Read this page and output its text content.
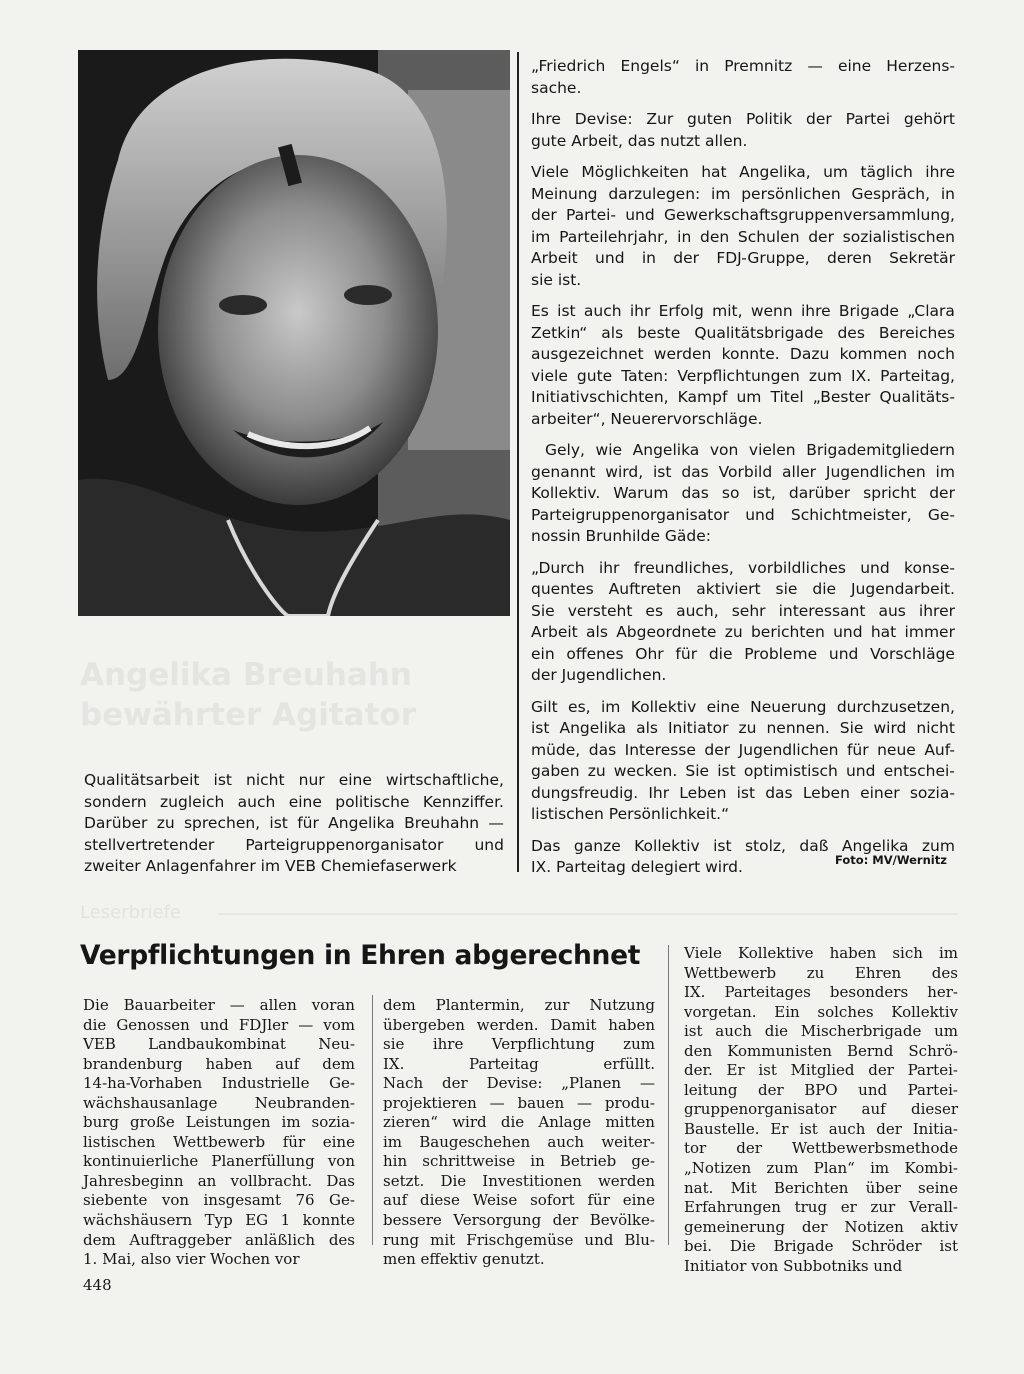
Angelika Breuhahn
bewährter Agitator
Qualitätsarbeit ist nicht nur eine wirtschaftliche,
sondern zugleich auch eine politische Kennziffer.
Darüber zu sprechen, ist für Angelika Breuhahn —
stellvertretender Parteigruppenorganisator und
zweiter Anlagenfahrer im VEB Chemiefaserwerk

„Friedrich Engels“ in Premnitz — eine Herzens-
sache.

Ihre Devise: Zur guten Politik der Partei gehört
gute Arbeit, das nutzt allen.

Viele Möglichkeiten hat Angelika, um täglich ihre
Meinung darzulegen: im persönlichen Gespräch, in
der Partei- und Gewerkschaftsgruppenversammlung,
im Parteilehrjahr, in den Schulen der sozialistischen
Arbeit und in der FDJ-Gruppe, deren Sekretär
sie ist.

Es ist auch ihr Erfolg mit, wenn ihre Brigade „Clara
Zetkin“ als beste Qualitätsbrigade des Bereiches
ausgezeichnet werden konnte. Dazu kommen noch
viele gute Taten: Verpflichtungen zum IX. Parteitag,
Initiativschichten, Kampf um Titel „Bester Qualitäts-
arbeiter“, Neuerervorschläge.

Gely, wie Angelika von vielen Brigademitgliedern
genannt wird, ist das Vorbild aller Jugendlichen im
Kollektiv. Warum das so ist, darüber spricht der
Parteigruppenorganisator und Schichtmeister, Ge-
nossin Brunhilde Gäde:

„Durch ihr freundliches, vorbildliches und konse-
quentes Auftreten aktiviert sie die Jugendarbeit.
Sie versteht es auch, sehr interessant aus ihrer
Arbeit als Abgeordnete zu berichten und hat immer
ein offenes Ohr für die Probleme und Vorschläge
der Jugendlichen.

Gilt es, im Kollektiv eine Neuerung durchzusetzen,
ist Angelika als Initiator zu nennen. Sie wird nicht
müde, das Interesse der Jugendlichen für neue Auf-
gaben zu wecken. Sie ist optimistisch und entschei-
dungsfreudig. Ihr Leben ist das Leben einer sozia-
listischen Persönlichkeit.“

Das ganze Kollektiv ist stolz, daß Angelika zum
IX. Parteitag delegiert wird.	Foto: MV/Wernitz
Leserbriefe
Verpflichtungen in Ehren abgerechnet
Die Bauarbeiter — allen voran
die Genossen und FDJler — vom
VEB Landbaukombinat Neu-
brandenburg haben auf dem
14-ha-Vorhaben Industrielle Ge-
wächshausanlage Neubranden-
burg große Leistungen im sozia-
listischen Wettbewerb für eine
kontinuierliche Planerfüllung von
Jahresbeginn an vollbracht. Das
siebente von insgesamt 76 Ge-
wächshäusern Typ EG 1 konnte
dem Auftraggeber anläßlich des
1. Mai, also vier Wochen vor
dem Plantermin, zur Nutzung
übergeben werden. Damit haben
sie ihre Verpflichtung zum
IX.	Parteitag	erfüllt.
Nach der Devise: „Planen —
projektieren — bauen — produ-
zieren“ wird die Anlage mitten
im Baugeschehen auch weiter-
hin schrittweise in Betrieb ge-
setzt. Die Investitionen werden
auf diese Weise sofort für eine
bessere Versorgung der Bevölke-
rung mit Frischgemüse und Blu-
men effektiv genutzt.
Viele Kollektive haben sich im
Wettbewerb zu Ehren des
IX. Parteitages besonders her-
vorgetan. Ein solches Kollektiv
ist auch die Mischerbrigade um
den Kommunisten Bernd Schrö-
der. Er ist Mitglied der Partei-
leitung der BPO und Partei-
gruppenorganisator auf dieser
Baustelle. Er ist auch der Initia-
tor der Wettbewerbsmethode
„Notizen zum Plan“ im Kombi-
nat. Mit Berichten über seine
Erfahrungen trug er zur Verall-
gemeinerung der Notizen aktiv
bei. Die Brigade Schröder ist
Initiator von Subbotniks und
448
